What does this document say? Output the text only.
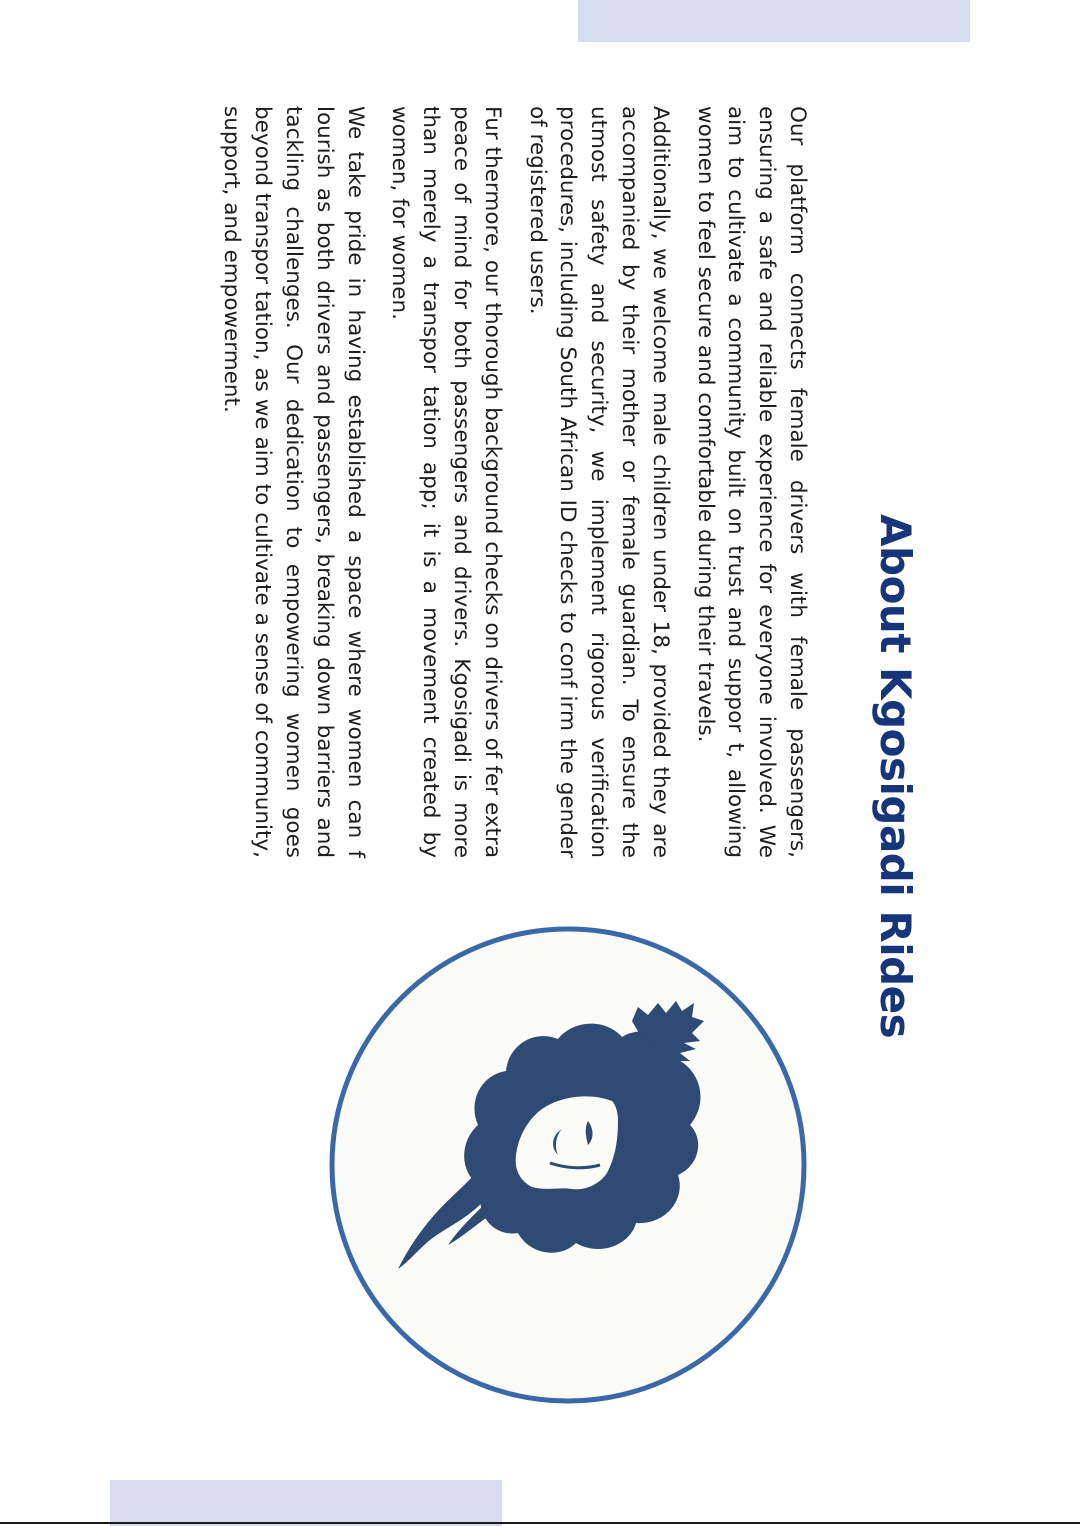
About Kgosigadi Rides

Our platform connects female drivers with female passengers, ensuring a safe and reliable experience for everyone involved. We aim to cultivate a community built on trust and suppor t, allowing women to feel secure and comfortable during their travels.

Additionally, we welcome male children under 18, provided they are accompanied by their mother or female guardian. To ensure the utmost safety and security, we implement rigorous verification procedures, including South African ID checks to conf irm the gender of registered users.

Fur thermore, our thorough background checks on drivers of fer extra peace of mind for both passengers and drivers. Kgosigadi is more than merely a transpor tation app; it is a movement created by women, for women.

We take pride in having established a space where women can f lourish as both drivers and passengers, breaking down barriers and tackling challenges. Our dedication to empowering women goes beyond transpor tation, as we aim to cultivate a sense of community, support, and empowerment.
